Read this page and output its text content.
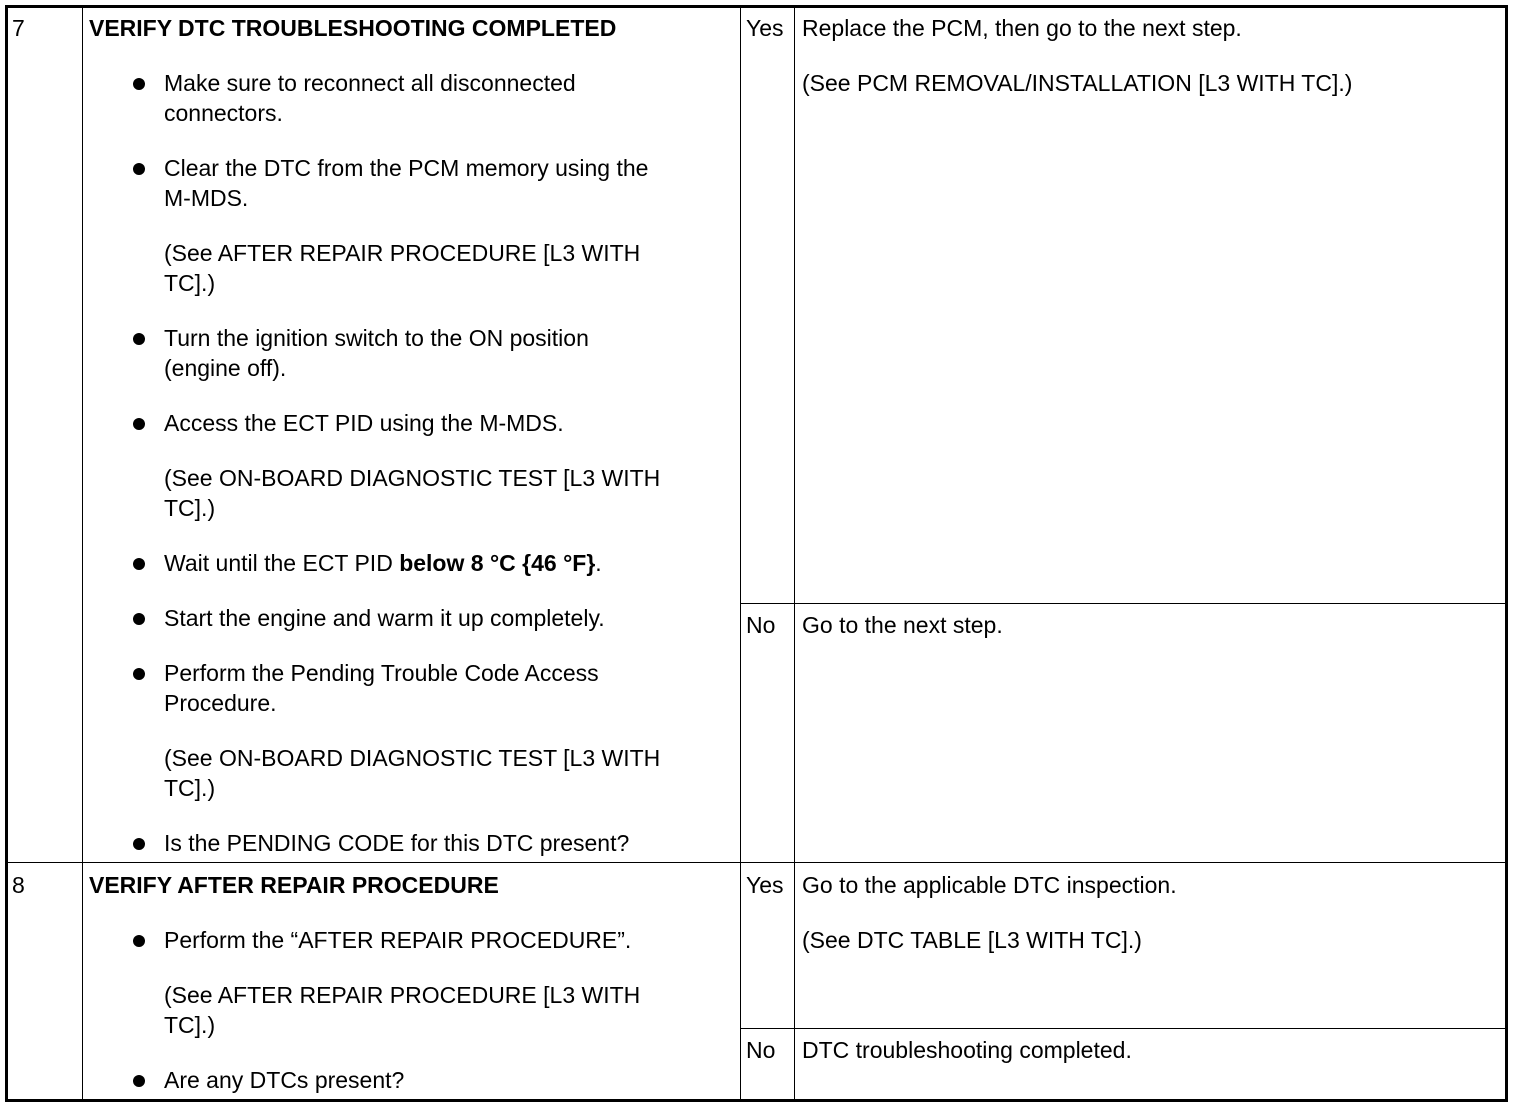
7	VERIFY DTC TROUBLESHOOTING COMPLETED
Make sure to reconnect all disconnected
connectors.
Clear the DTC from the PCM memory using the
M-MDS.
(See AFTER REPAIR PROCEDURE [L3 WITH
TC].)
Turn the ignition switch to the ON position
(engine off).
Access the ECT PID using the M-MDS.
(See ON-BOARD DIAGNOSTIC TEST [L3 WITH
TC].)
Wait until the ECT PID below 8 °C {46 °F}.
Start the engine and warm it up completely.
Perform the Pending Trouble Code Access
Procedure.
(See ON-BOARD DIAGNOSTIC TEST [L3 WITH
TC].)
Is the PENDING CODE for this DTC present?
Yes Replace the PCM, then go to the next step.
(See PCM REMOVAL/INSTALLATION [L3 WITH TC].)
No Go to the next step.
8	VERIFY AFTER REPAIR PROCEDURE
Perform the “AFTER REPAIR PROCEDURE”.
(See AFTER REPAIR PROCEDURE [L3 WITH
TC].)
Are any DTCs present?
Yes Go to the applicable DTC inspection.
(See DTC TABLE [L3 WITH TC].)
No DTC troubleshooting completed.
